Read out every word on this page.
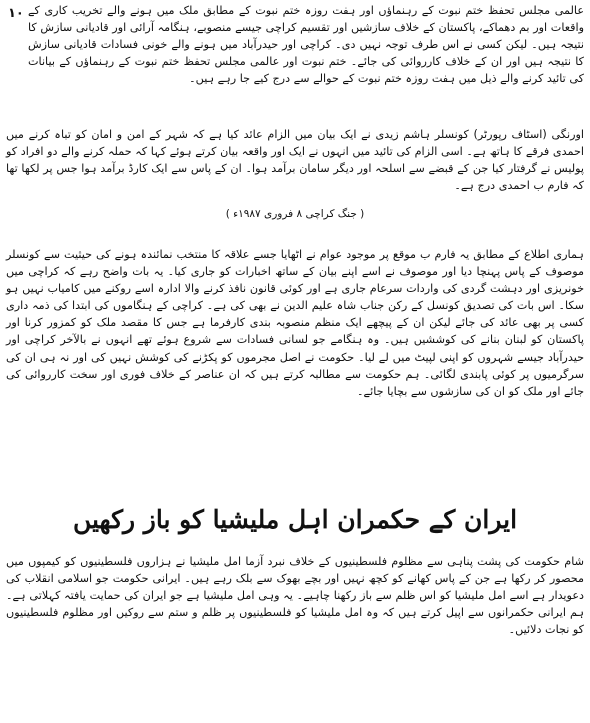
۱۰ عالمی مجلس تحفظ ختم نبوت کے رہنماؤں اور ہفت روزہ ختم نبوت کے مطابق ملک میں ہونے والے تخریب کاری کے واقعات اور بم دھماکے، پاکستان کے خلاف سازشیں اور تقسیم کراچی جیسے منصوبے، ہنگامہ آرائی اور قادیانی سازش کا نتیجہ ہیں۔ لیکن کسی نے اس طرف توجہ نہیں دی۔ کراچی اور حیدرآباد میں ہونے والے خونی فسادات قادیانی سازش کا نتیجہ ہیں اور ان کے خلاف کارروائی کی جائے۔ ختم نبوت اور عالمی مجلس تحفظ ختم نبوت کے رہنماؤں کے بیانات کی تائید کرنے والے ذیل میں ہفت روزہ ختم نبوت کے حوالے سے درج کیے جا رہے ہیں۔

اورنگی (اسٹاف رپورٹر) کونسلر ہاشم زیدی نے ایک بیان میں الزام عائد کیا ہے کہ شہر کے امن و امان کو تباہ کرنے میں احمدی فرقے کا ہاتھ ہے۔ اسی الزام کی تائید میں انہوں نے ایک اور واقعہ بیان کرتے ہوئے کہا کہ حملہ کرنے والے دو افراد کو پولیس نے گرفتار کیا جن کے قبضے سے اسلحہ اور دیگر سامان برآمد ہوا۔ ان کے پاس سے ایک کارڈ برآمد ہوا جس پر لکھا تھا کہ فارم ب احمدی درج ہے۔

( جنگ کراچی ۸ فروری ۱۹۸۷ء )

ہماری اطلاع کے مطابق یہ فارم ب موقع پر موجود عوام نے اٹھایا جسے علاقہ کا منتخب نمائندہ ہونے کی حیثیت سے کونسلر موصوف کے پاس پہنچا دیا اور موصوف نے اسے اپنے بیان کے ساتھ اخبارات کو جاری کیا۔ یہ بات واضح رہے کہ کراچی میں خونریزی اور دہشت گردی کی واردات سرعام جاری ہے اور کوئی قانون نافذ کرنے والا ادارہ اسے روکنے میں کامیاب نہیں ہو سکا۔ اس بات کی تصدیق کونسل کے رکن جناب شاہ علیم الدین نے بھی کی ہے۔ کراچی کے ہنگاموں کی ابتدا کی ذمہ داری کسی پر بھی عائد کی جائے لیکن ان کے پیچھے ایک منظم منصوبہ بندی کارفرما ہے جس کا مقصد ملک کو کمزور کرنا اور پاکستان کو لبنان بنانے کی کوششیں ہیں۔ وہ ہنگامے جو لسانی فسادات سے شروع ہوئے تھے انہوں نے بالآخر کراچی اور حیدرآباد جیسے شہروں کو اپنی لپیٹ میں لے لیا۔ حکومت نے اصل مجرموں کو پکڑنے کی کوشش نہیں کی اور نہ ہی ان کی سرگرمیوں پر کوئی پابندی لگائی۔ ہم حکومت سے مطالبہ کرتے ہیں کہ ان عناصر کے خلاف فوری اور سخت کارروائی کی جائے اور ملک کو ان کی سازشوں سے بچایا جائے۔

ایران کے حکمران اہل ملیشیا کو باز رکھیں

شام حکومت کی پشت پناہی سے مظلوم فلسطینیوں کے خلاف نبرد آزما امل ملیشیا نے ہزاروں فلسطینیوں کو کیمپوں میں محصور کر رکھا ہے جن کے پاس کھانے کو کچھ نہیں اور بچے بھوک سے بلک رہے ہیں۔ ایرانی حکومت جو اسلامی انقلاب کی دعویدار ہے اسے امل ملیشیا کو اس ظلم سے باز رکھنا چاہیے۔ یہ وہی امل ملیشیا ہے جو ایران کی حمایت یافتہ کہلاتی ہے۔ ہم ایرانی حکمرانوں سے اپیل کرتے ہیں کہ وہ امل ملیشیا کو فلسطینیوں پر ظلم و ستم سے روکیں اور مظلوم فلسطینیوں کو نجات دلائیں۔
